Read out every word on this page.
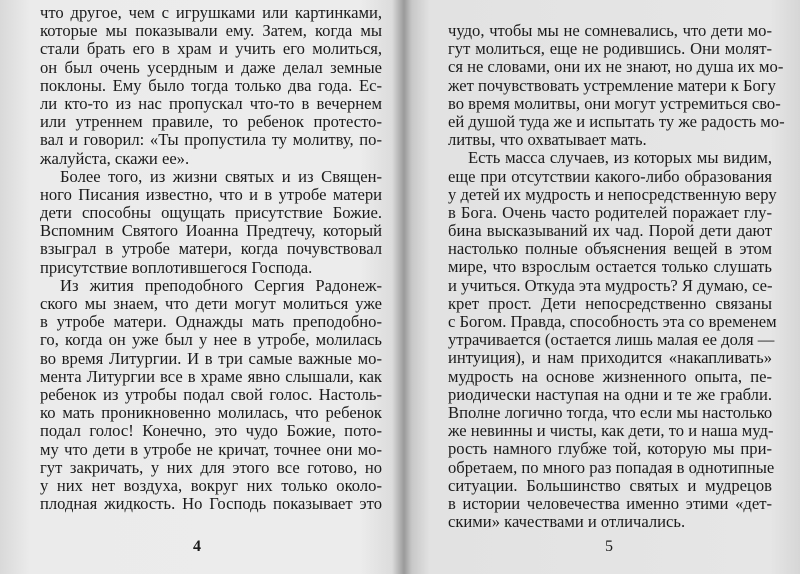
что другое, чем с игрушками или картинками,
которые мы показывали ему. Затем, когда мы
стали брать его в храм и учить его молиться,
он был очень усердным и даже делал земные
поклоны. Ему было тогда только два года. Ес-
ли кто-то из нас пропускал что-то в вечернем
или утреннем правиле, то ребенок протесто-
вал и говорил: «Ты пропустила ту молитву, по-
жалуйста, скажи ее».
Более того, из жизни святых и из Священ-
ного Писания известно, что и в утробе матери
дети способны ощущать присутствие Божие.
Вспомним Святого Иоанна Предтечу, который
взыграл в утробе матери, когда почувствовал
присутствие воплотившегося Господа.
Из жития преподобного Сергия Радонеж-
ского мы знаем, что дети могут молиться уже
в утробе матери. Однажды мать преподобно-
го, когда он уже был у нее в утробе, молилась
во время Литургии. И в три самые важные мо-
мента Литургии все в храме явно слышали, как
ребенок из утробы подал свой голос. Настоль-
ко мать проникновенно молилась, что ребенок
подал голос! Конечно, это чудо Божие, пото-
му что дети в утробе не кричат, точнее они мо-
гут закричать, у них для этого все готово, но
у них нет воздуха, вокруг них только около-
плодная жидкость. Но Господь показывает это
чудо, чтобы мы не сомневались, что дети мо-
гут молиться, еще не родившись. Они молят-
ся не словами, они их не знают, но душа их мо-
жет почувствовать устремление матери к Богу
во время молитвы, они могут устремиться сво-
ей душой туда же и испытать ту же радость мо-
литвы, что охватывает мать.
Есть масса случаев, из которых мы видим,
еще при отсутствии какого-либо образования
у детей их мудрость и непосредственную веру
в Бога. Очень часто родителей поражает глу-
бина высказываний их чад. Порой дети дают
настолько полные объяснения вещей в этом
мире, что взрослым остается только слушать
и учиться. Откуда эта мудрость? Я думаю, се-
крет прост. Дети непосредственно связаны
с Богом. Правда, способность эта со временем
утрачивается (остается лишь малая ее доля —
интуиция), и нам приходится «накапливать»
мудрость на основе жизненного опыта, пе-
риодически наступая на одни и те же грабли.
Вполне логично тогда, что если мы настолько
же невинны и чисты, как дети, то и наша муд-
рость намного глубже той, которую мы при-
обретаем, по много раз попадая в однотипные
ситуации. Большинство святых и мудрецов
в истории человечества именно этими «дет-
скими» качествами и отличались.
4	5
